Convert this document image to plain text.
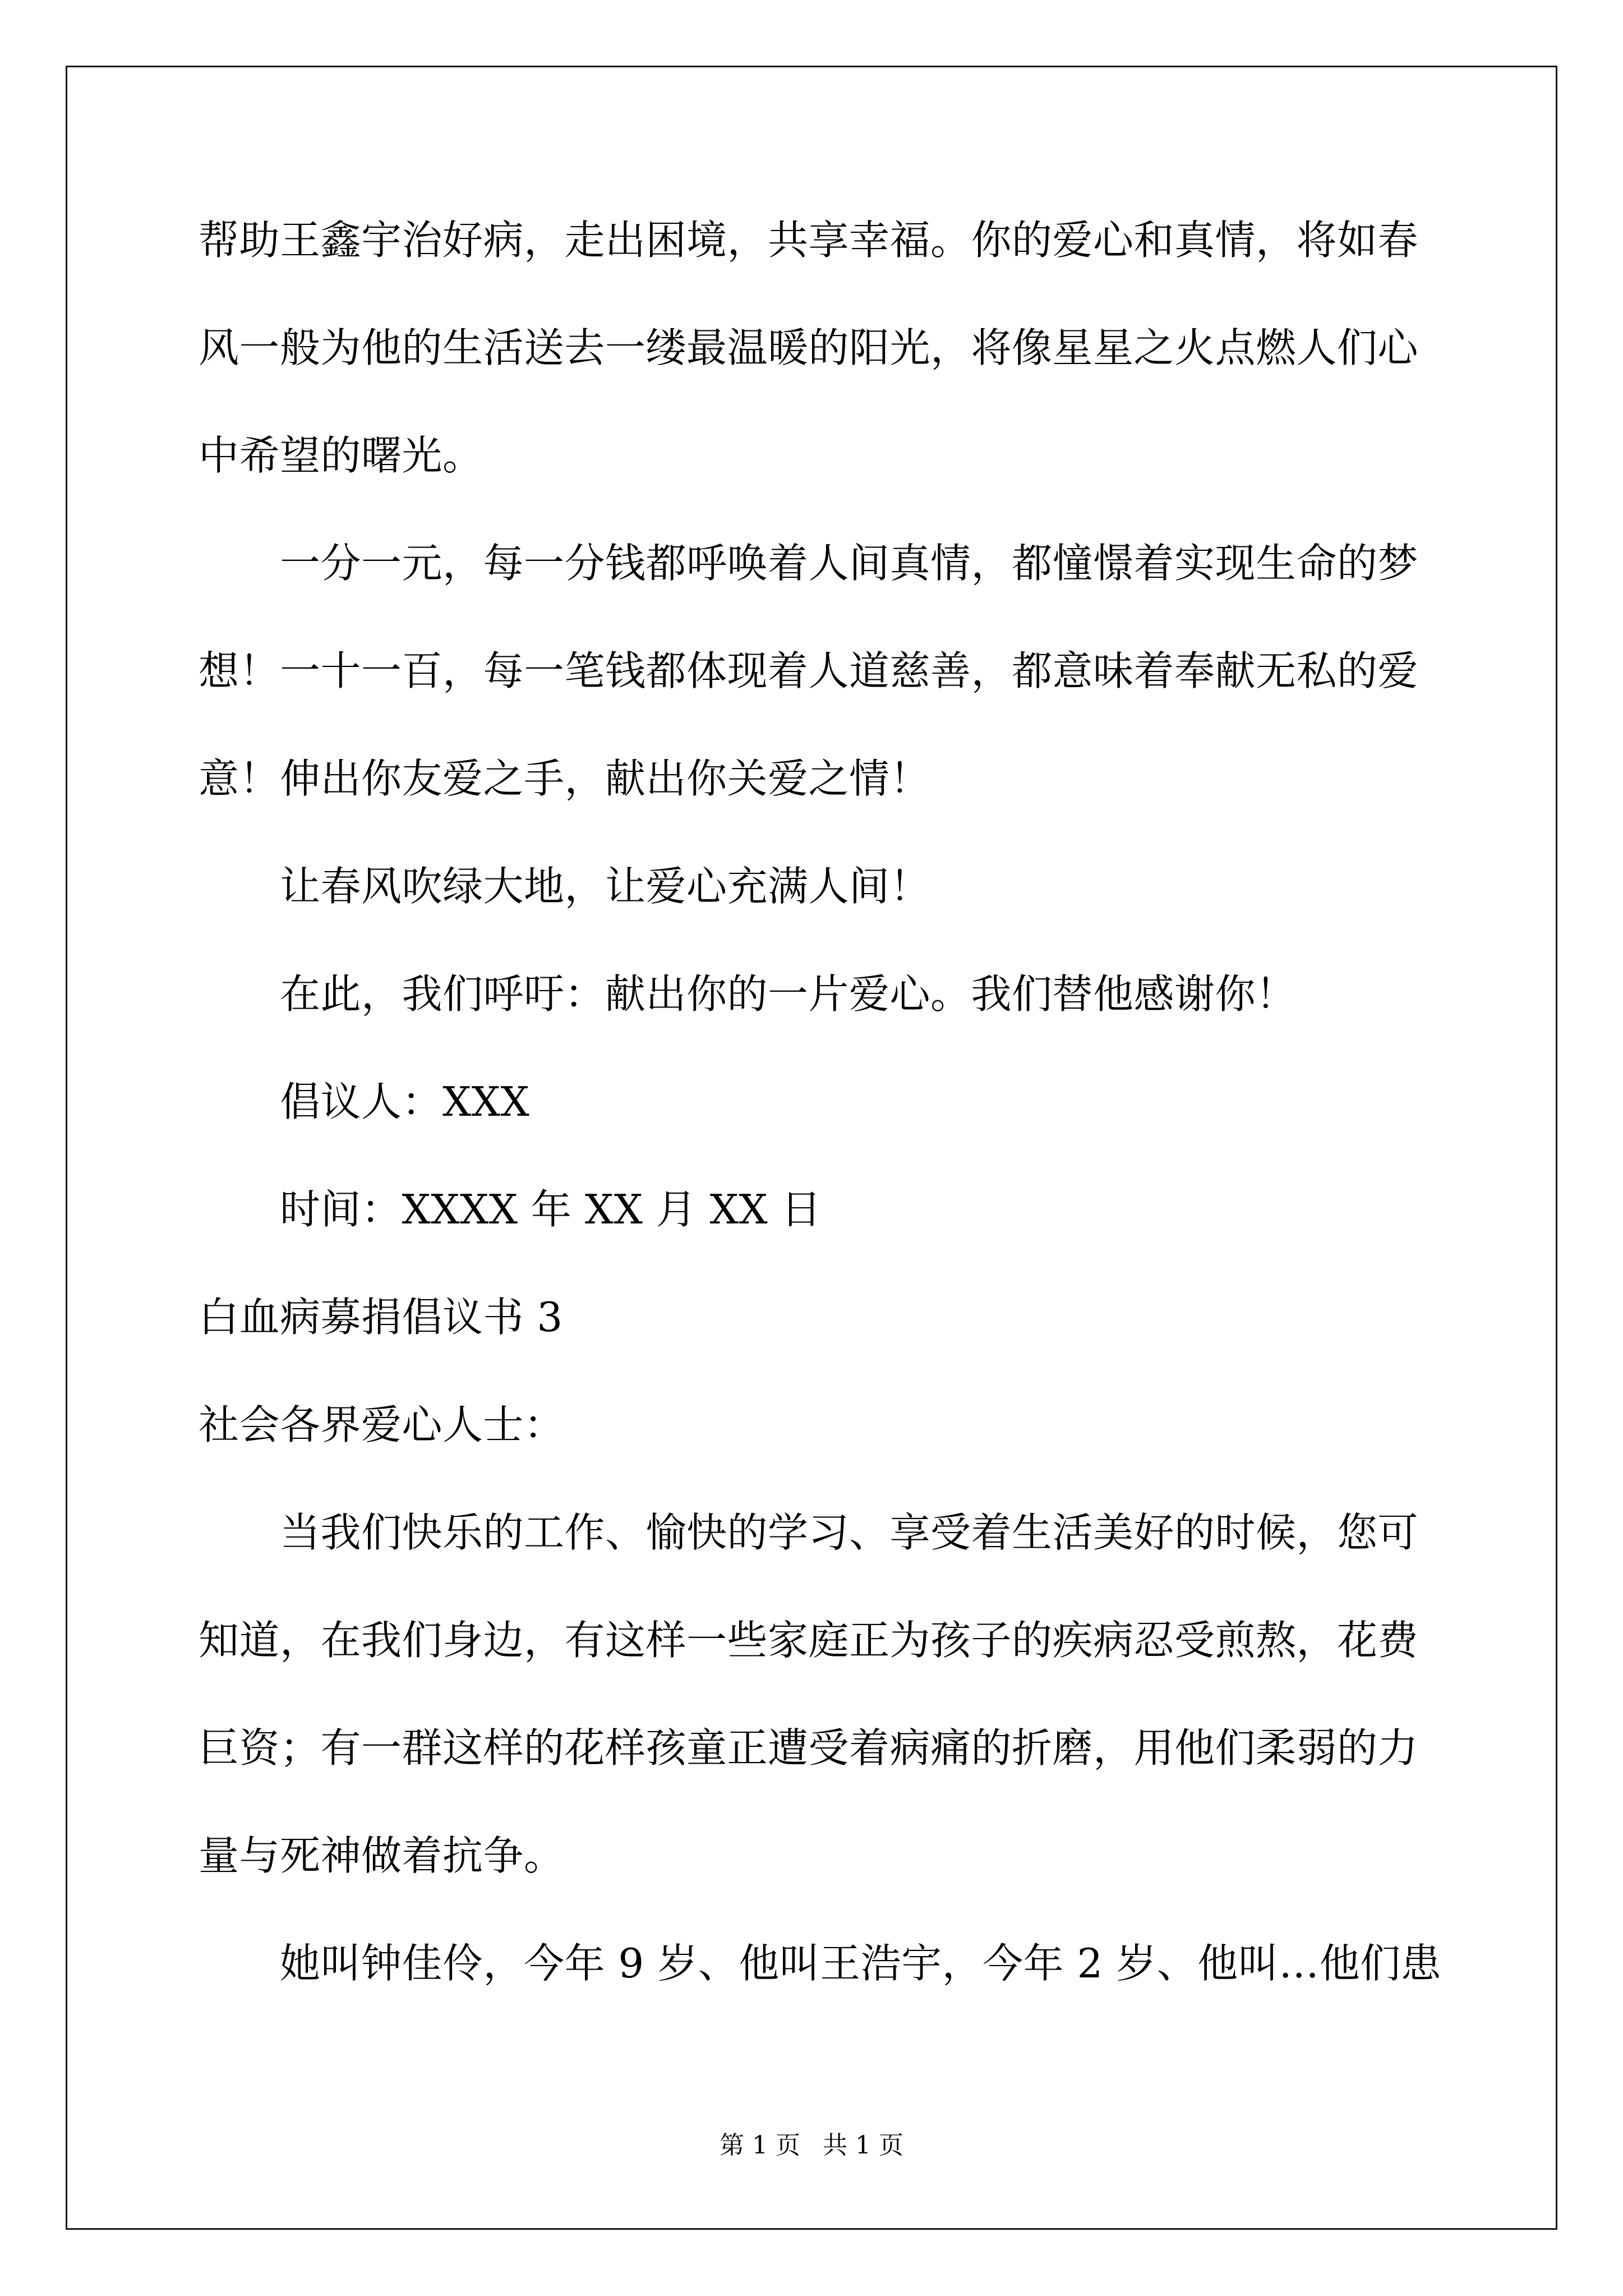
帮助王鑫宇治好病，走出困境，共享幸福。你的爱心和真情，将如春
风一般为他的生活送去一缕最温暖的阳光，将像星星之火点燃人们心
中希望的曙光。
　　一分一元，每一分钱都呼唤着人间真情，都憧憬着实现生命的梦
想！一十一百，每一笔钱都体现着人道慈善，都意味着奉献无私的爱
意！伸出你友爱之手，献出你关爱之情！
　　让春风吹绿大地，让爱心充满人间！
　　在此，我们呼吁：献出你的一片爱心。我们替他感谢你！
　　倡议人：XXX
　　时间：XXXX 年 XX 月 XX 日
白血病募捐倡议书 3
社会各界爱心人士：
　　当我们快乐的工作、愉快的学习、享受着生活美好的时候，您可
知道，在我们身边，有这样一些家庭正为孩子的疾病忍受煎熬，花费
巨资；有一群这样的花样孩童正遭受着病痛的折磨，用他们柔弱的力
量与死神做着抗争。
　　她叫钟佳伶，今年 9 岁、他叫王浩宇，今年 2 岁、他叫…他们患
第 1 页 共 1 页
